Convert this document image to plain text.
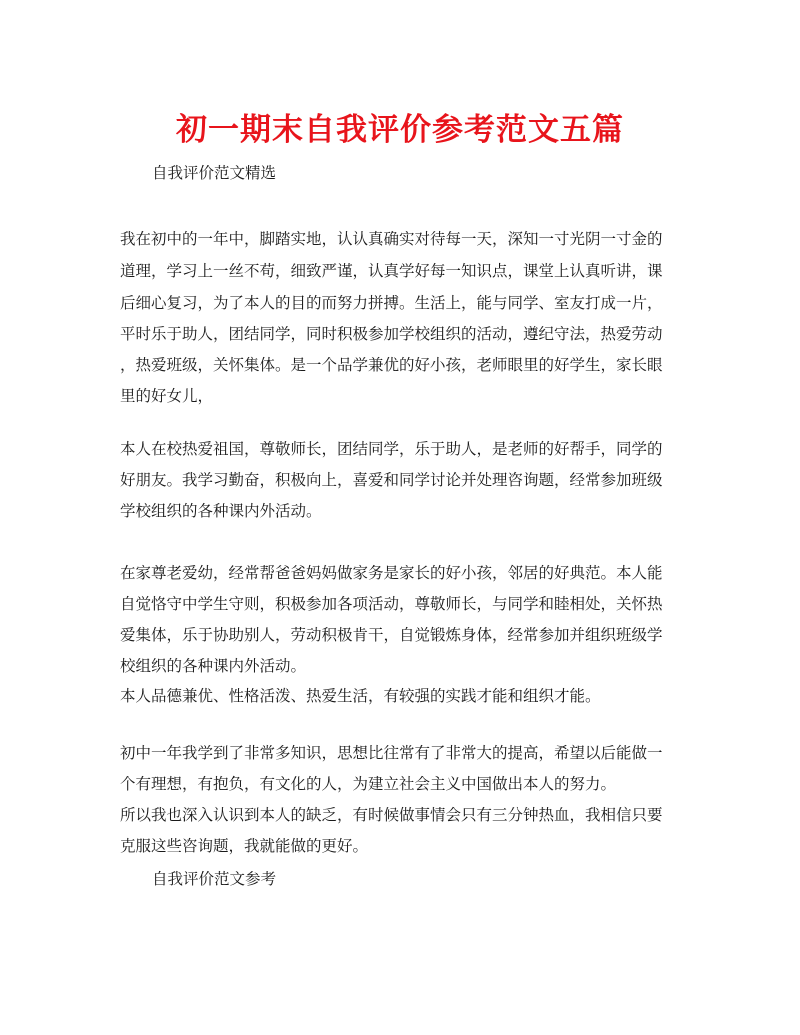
初一期末自我评价参考范文五篇
自我评价范文精选
我在初中的一年中，脚踏实地，认认真确实对待每一天，深知一寸光阴一寸金的
道理，学习上一丝不苟，细致严谨，认真学好每一知识点，课堂上认真听讲，课
后细心复习，为了本人的目的而努力拼搏。生活上，能与同学、室友打成一片，
平时乐于助人，团结同学，同时积极参加学校组织的活动，遵纪守法，热爱劳动
，热爱班级，关怀集体。是一个品学兼优的好小孩，老师眼里的好学生，家长眼
里的好女儿，
本人在校热爱祖国，尊敬师长，团结同学，乐于助人，是老师的好帮手，同学的
好朋友。我学习勤奋，积极向上，喜爱和同学讨论并处理咨询题，经常参加班级
学校组织的各种课内外活动。
在家尊老爱幼，经常帮爸爸妈妈做家务是家长的好小孩，邻居的好典范。本人能
自觉恪守中学生守则，积极参加各项活动，尊敬师长，与同学和睦相处，关怀热
爱集体，乐于协助别人，劳动积极肯干，自觉锻炼身体，经常参加并组织班级学
校组织的各种课内外活动。
本人品德兼优、性格活泼、热爱生活，有较强的实践才能和组织才能。
初中一年我学到了非常多知识，思想比往常有了非常大的提高，希望以后能做一
个有理想，有抱负，有文化的人，为建立社会主义中国做出本人的努力。
所以我也深入认识到本人的缺乏，有时候做事情会只有三分钟热血，我相信只要
克服这些咨询题，我就能做的更好。
自我评价范文参考
